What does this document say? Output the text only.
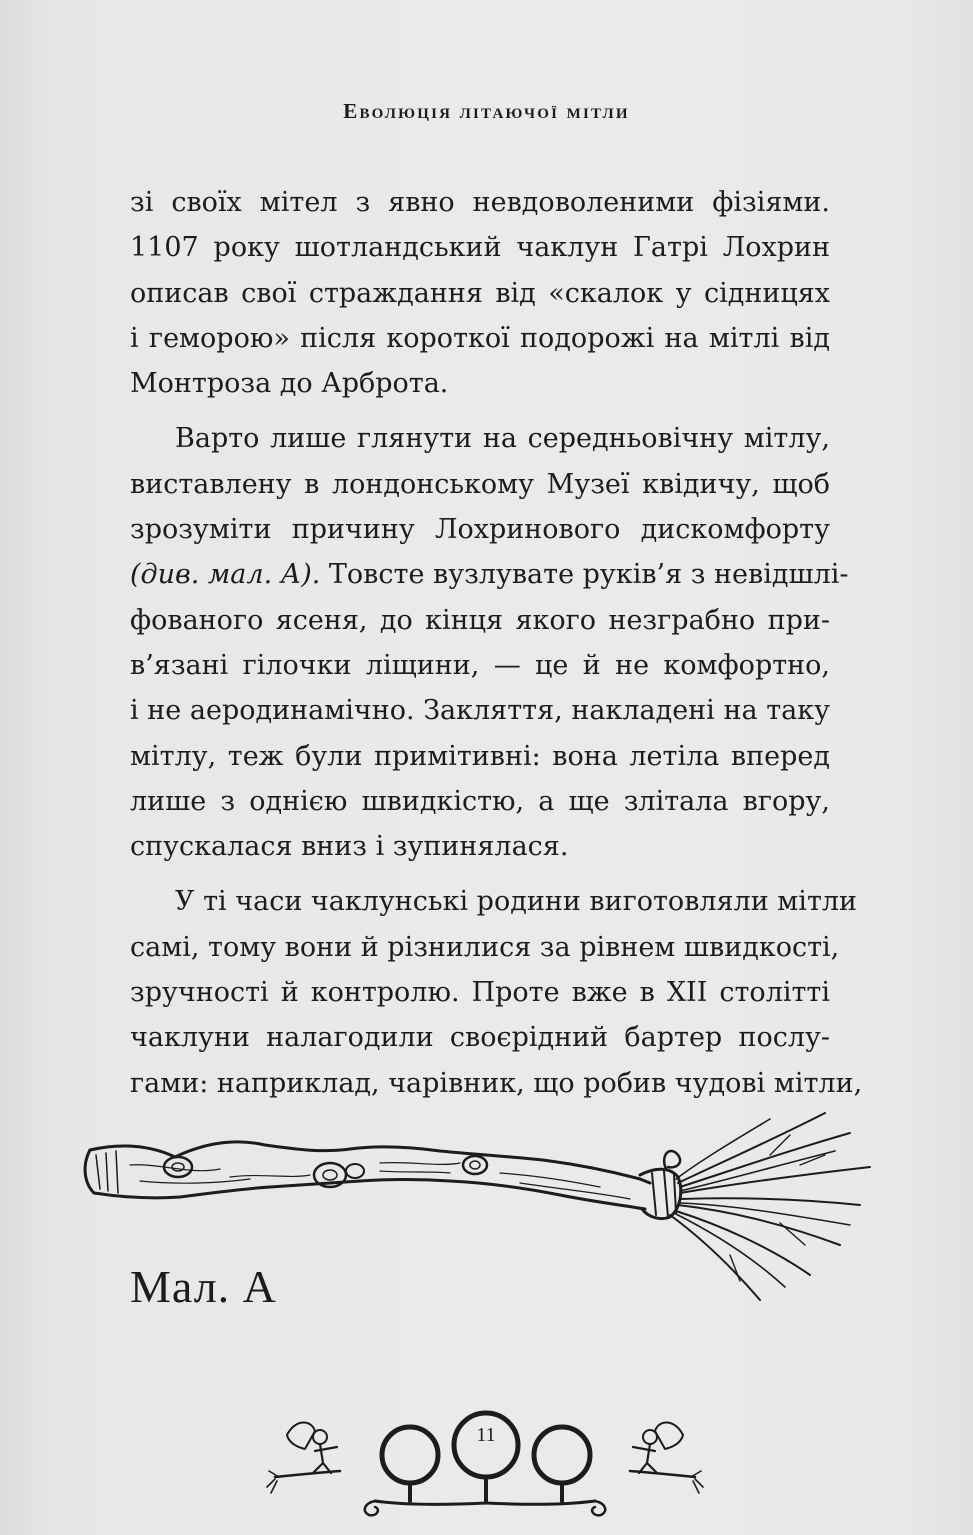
Еволюція літаючої мітли
зі своїх мітел з явно невдоволеними фізіями.
1107 року шотландський чаклун Гатрі Лохрин
описав свої страждання від «скалок у сідницях
і геморою» після короткої подорожі на мітлі від
Монтроза до Арброта.
Варто лише глянути на середньовічну мітлу,
виставлену в лондонському Музеї квідичу, щоб
зрозуміти причину Лохринового дискомфорту
(див. мал. А). Товсте вузлувате руків’я з невідшлі-
фованого ясеня, до кінця якого незграбно при-
в’язані гілочки ліщини, — це й не комфортно,
і не аеродинамічно. Закляття, накладені на таку
мітлу, теж були примітивні: вона летіла вперед
лише з однією швидкістю, а ще злітала вгору,
спускалася вниз і зупинялася.
У ті часи чаклунські родини виготовляли мітли
самі, тому вони й різнилися за рівнем швидкості,
зручності й контролю. Проте вже в XII столітті
чаклуни налагодили своєрідний бартер послу-
гами: наприклад, чарівник, що робив чудові мітли,
Мал. А
11
